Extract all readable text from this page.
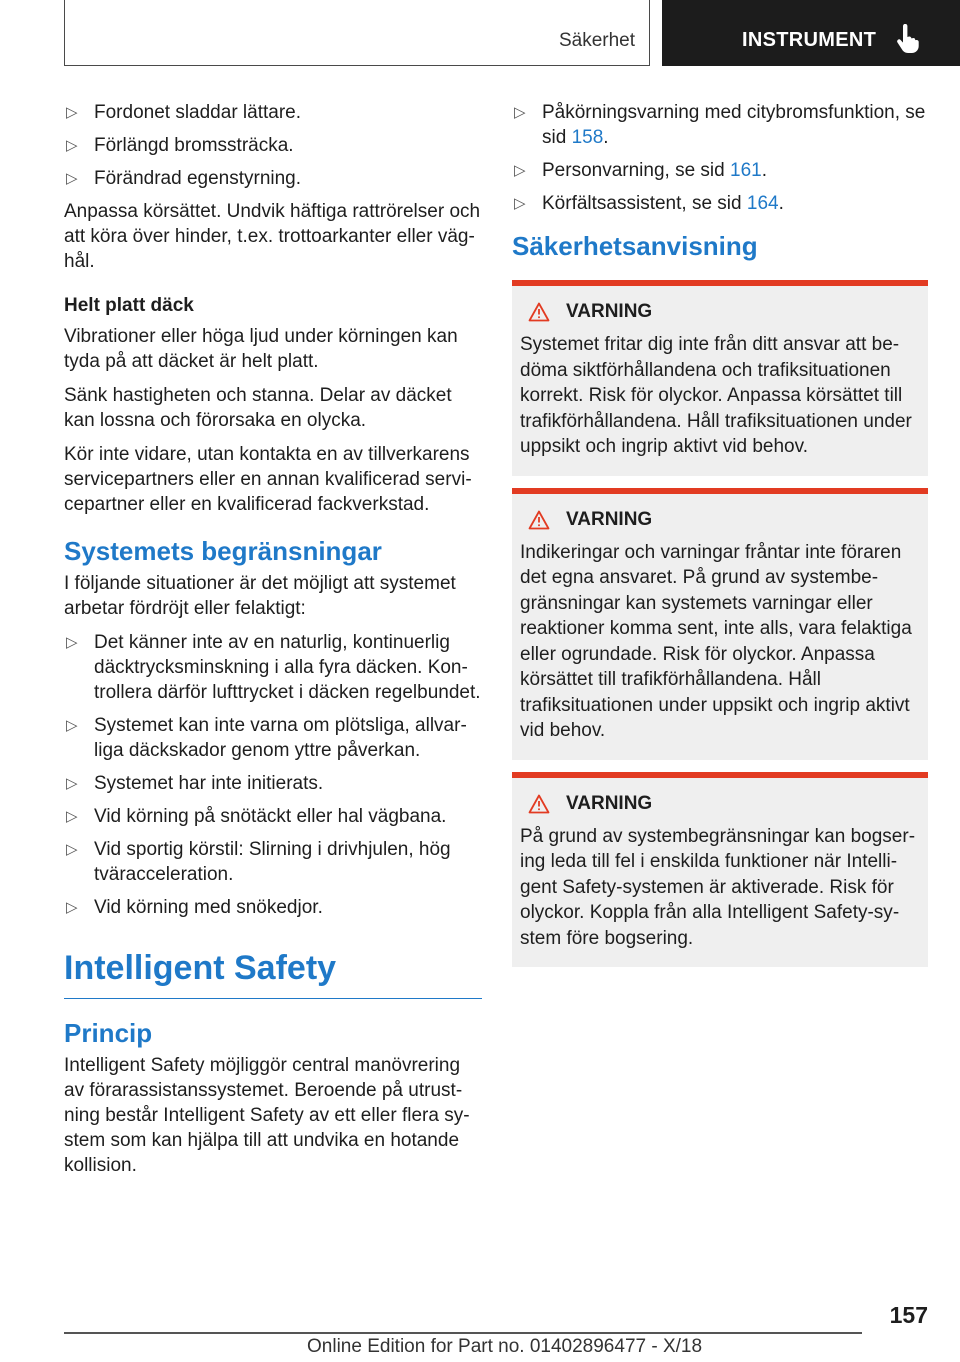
Säkerhet	INSTRUMENT
▷ Fordonet sladdar lättare.
▷ Förlängd bromssträcka.
▷ Förändrad egenstyrning.

Anpassa körsättet. Undvik häftiga rattrörelser och att köra över hinder, t.ex. trottoarkanter eller väghål.

Helt platt däck

Vibrationer eller höga ljud under körningen kan tyda på att däcket är helt platt.

Sänk hastigheten och stanna. Delar av däcket kan lossna och förorsaka en olycka.

Kör inte vidare, utan kontakta en av tillverkarens servicepartners eller en annan kvalificerad servicepartner eller en kvalificerad fackverkstad.

Systemets begränsningar

I följande situationer är det möjligt att systemet arbetar fördröjt eller felaktigt:

▷ Det känner inte av en naturlig, kontinuerlig däcktrycksminskning i alla fyra däcken. Kontrollera därför lufttrycket i däcken regelbundet.
▷ Systemet kan inte varna om plötsliga, allvarliga däckskador genom yttre påverkan.
▷ Systemet har inte initierats.
▷ Vid körning på snötäckt eller hal vägbana.
▷ Vid sportig körstil: Slirning i drivhjulen, hög tväracceleration.
▷ Vid körning med snökedjor.
Intelligent Safety
Princip

Intelligent Safety möjliggör central manövrering av förarassistanssystemet. Beroende på utrustning består Intelligent Safety av ett eller flera system som kan hjälpa till att undvika en hotande kollision.

▷ Påkörningsvarning med citybromsfunktion, se sid 158.
▷ Personvarning, se sid 161.
▷ Körfältsassistent, se sid 164.
Säkerhetsanvisning
VARNING

Systemet fritar dig inte från ditt ansvar att bedöma siktförhållandena och trafiksituationen korrekt. Risk för olyckor. Anpassa körsättet till trafikförhållandena. Håll trafiksituationen under uppsikt och ingrip aktivt vid behov.

VARNING

Indikeringar och varningar fråntar inte föraren det egna ansvaret. På grund av systembegränsningar kan systemets varningar eller reaktioner komma sent, inte alls, vara felaktiga eller ogrundade. Risk för olyckor. Anpassa körsättet till trafikförhållandena. Håll trafiksituationen under uppsikt och ingrip aktivt vid behov.

VARNING

På grund av systembegränsningar kan bogsering leda till fel i enskilda funktioner när Intelligent Safety-systemen är aktiverade. Risk för olyckor. Koppla från alla Intelligent Safety-system före bogsering.

157
Online Edition for Part no. 01402896477 - X/18
